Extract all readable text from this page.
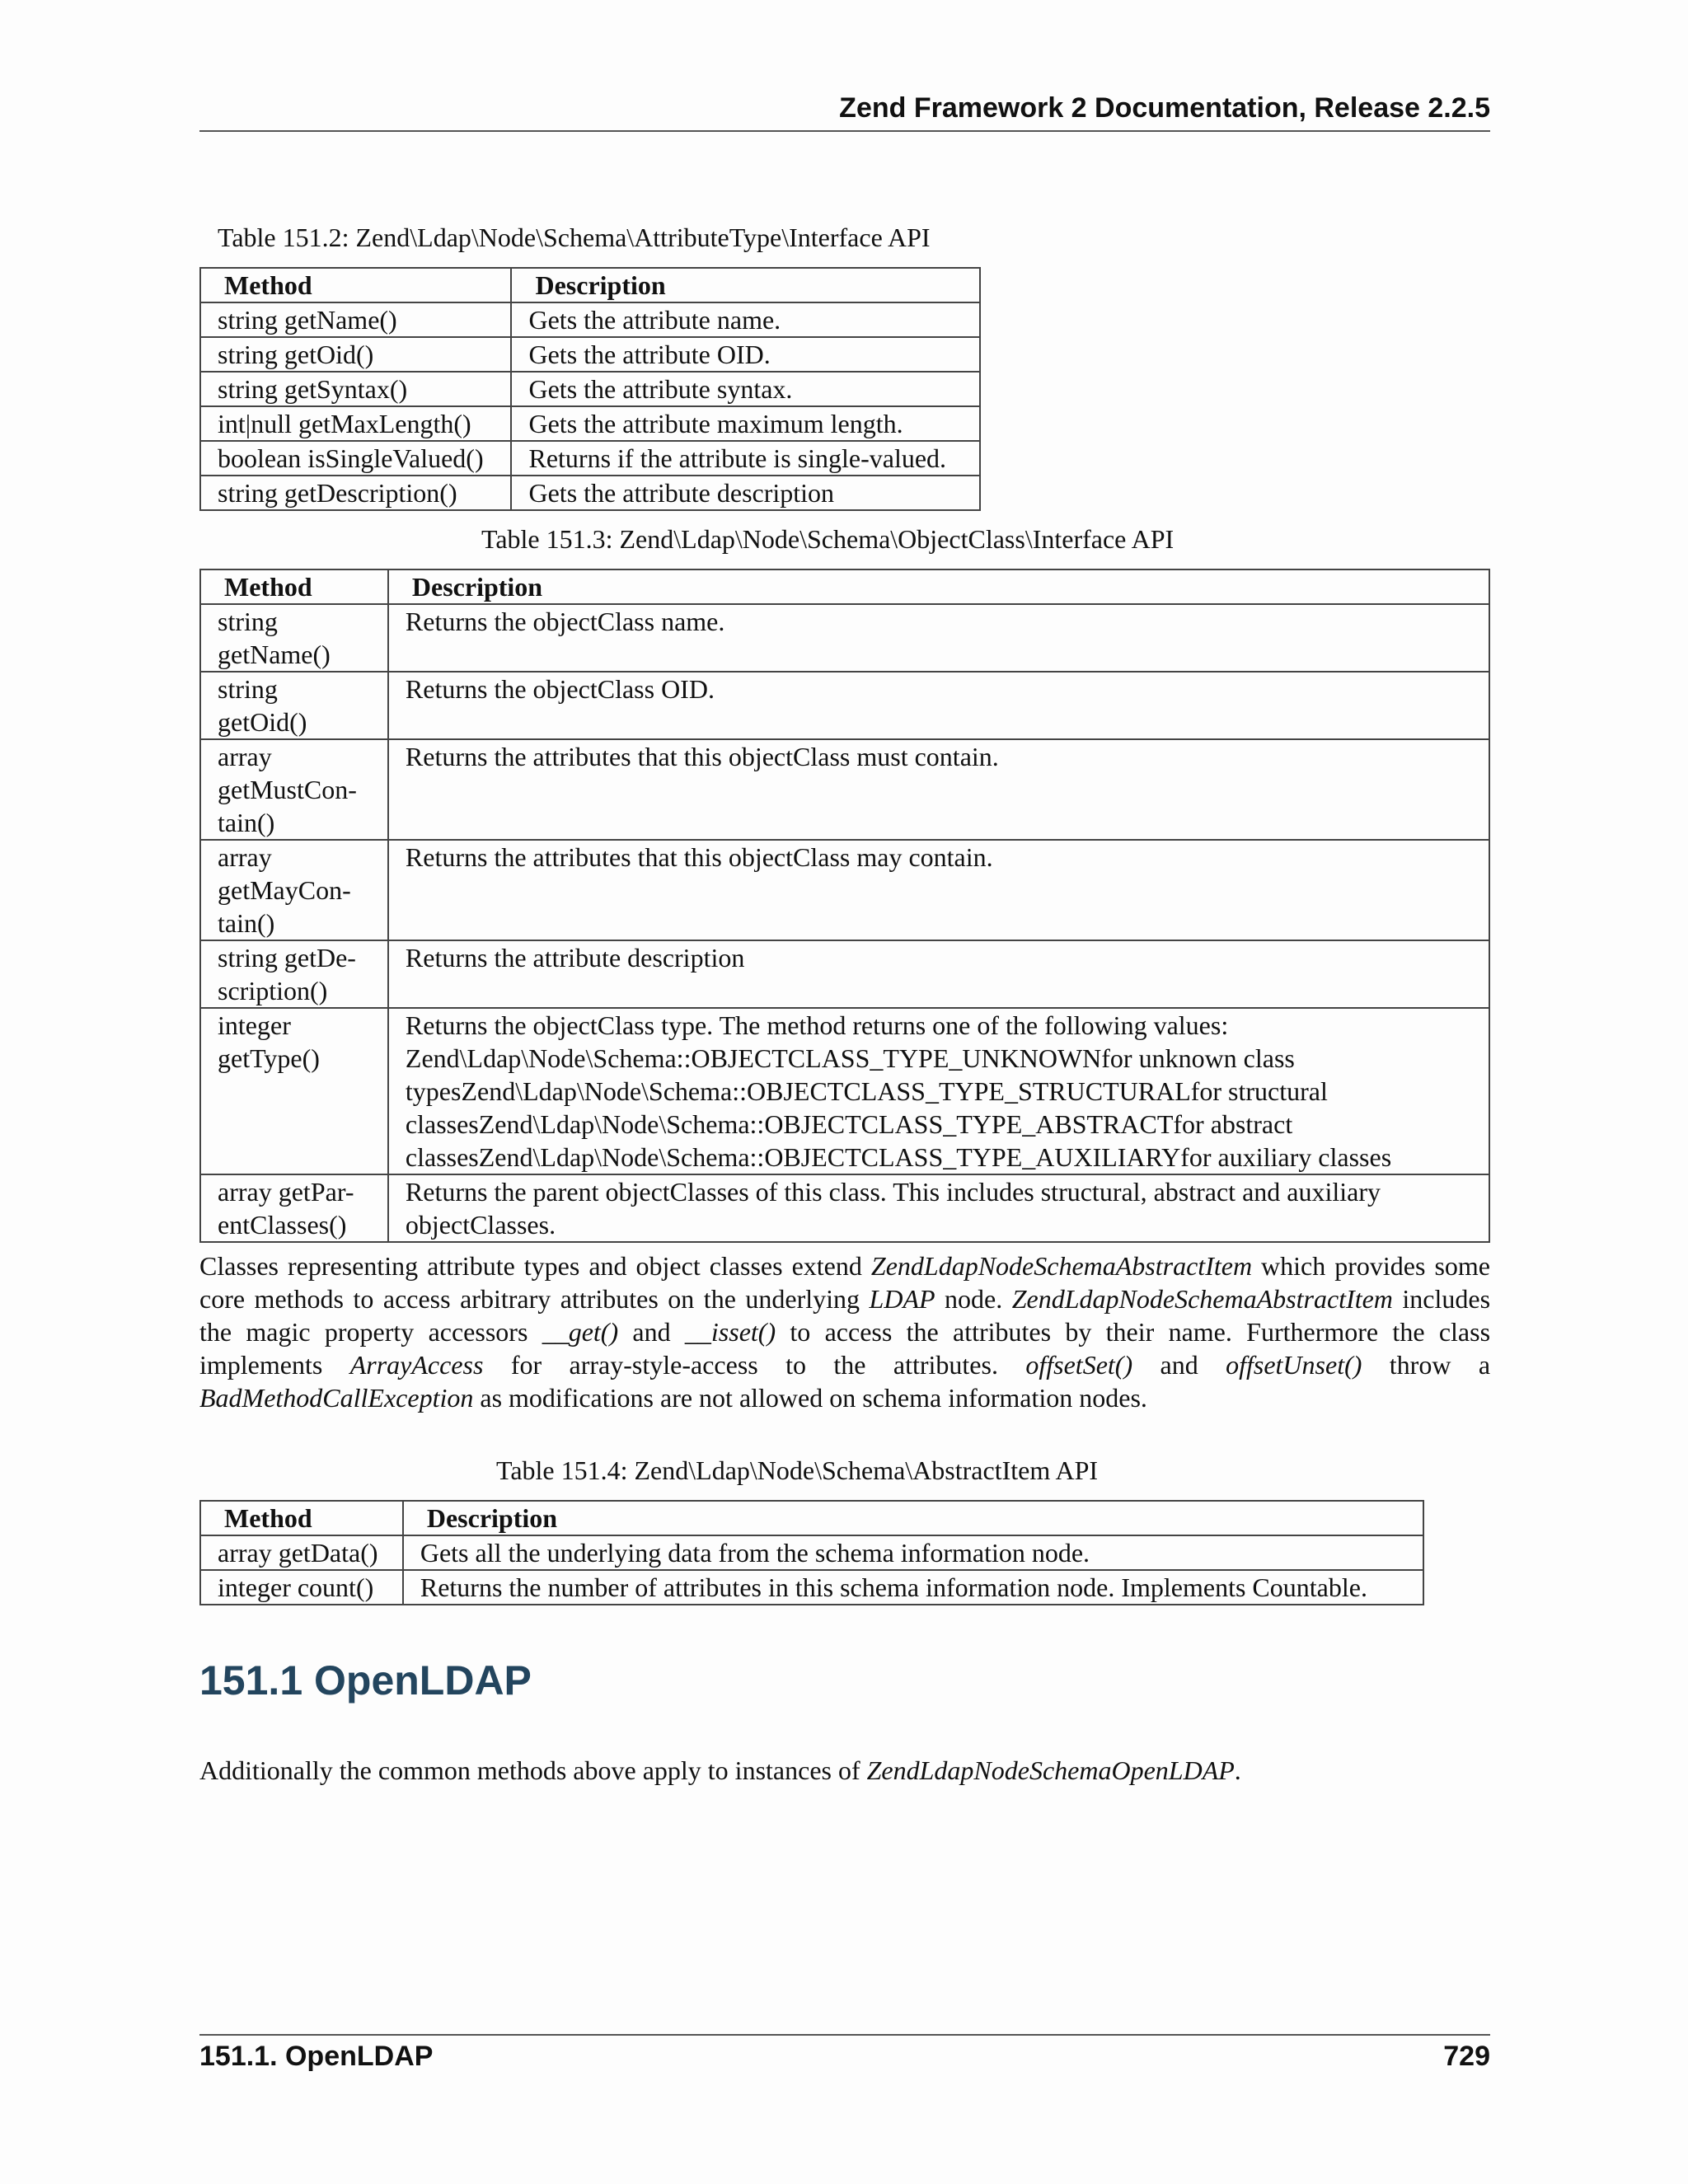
Zend Framework 2 Documentation, Release 2.2.5
Table 151.2: Zend\Ldap\Node\Schema\AttributeType\Interface API
Method	Description
string getName()	Gets the attribute name.
string getOid()	Gets the attribute OID.
string getSyntax()	Gets the attribute syntax.
int|null getMaxLength()	Gets the attribute maximum length.
boolean isSingleValued()	Returns if the attribute is single-valued.
string getDescription()	Gets the attribute description
Table 151.3: Zend\Ldap\Node\Schema\ObjectClass\Interface API
Method	Description
string getName()	Returns the objectClass name.
string getOid()	Returns the objectClass OID.
array getMustCon-
tain()	Returns the attributes that this objectClass must contain.
array getMayCon-
tain()	Returns the attributes that this objectClass may contain.
string getDe-
scription()	Returns the attribute description
integer getType()	Returns the objectClass type. The method returns one of the following values: Zend\Ldap\Node\Schema::OBJECTCLASS_TYPE_UNKNOWNfor unknown class typesZend\Ldap\Node\Schema::OBJECTCLASS_TYPE_STRUCTURALfor structural classesZend\Ldap\Node\Schema::OBJECTCLASS_TYPE_ABSTRACTfor abstract classesZend\Ldap\Node\Schema::OBJECTCLASS_TYPE_AUXILIARYfor auxiliary classes
array getPar-
entClasses()	Returns the parent objectClasses of this class. This includes structural, abstract and auxiliary objectClasses.

Classes representing attribute types and object classes extend ZendLdapNodeSchemaAbstractItem which provides some core methods to access arbitrary attributes on the underlying LDAP node. ZendLdapNodeSchemaAbstractItem includes the magic property accessors __get() and __isset() to access the attributes by their name. Furthermore the class implements ArrayAccess for array-style-access to the attributes. offsetSet() and offsetUnset() throw a BadMethodCallException as modifications are not allowed on schema information nodes.

Table 151.4: Zend\Ldap\Node\Schema\AbstractItem API
Method	Description
array getData()	Gets all the underlying data from the schema information node.
integer count()	Returns the number of attributes in this schema information node. Implements Countable.
151.1 OpenLDAP

Additionally the common methods above apply to instances of ZendLdapNodeSchemaOpenLDAP.

151.1. OpenLDAP	729
